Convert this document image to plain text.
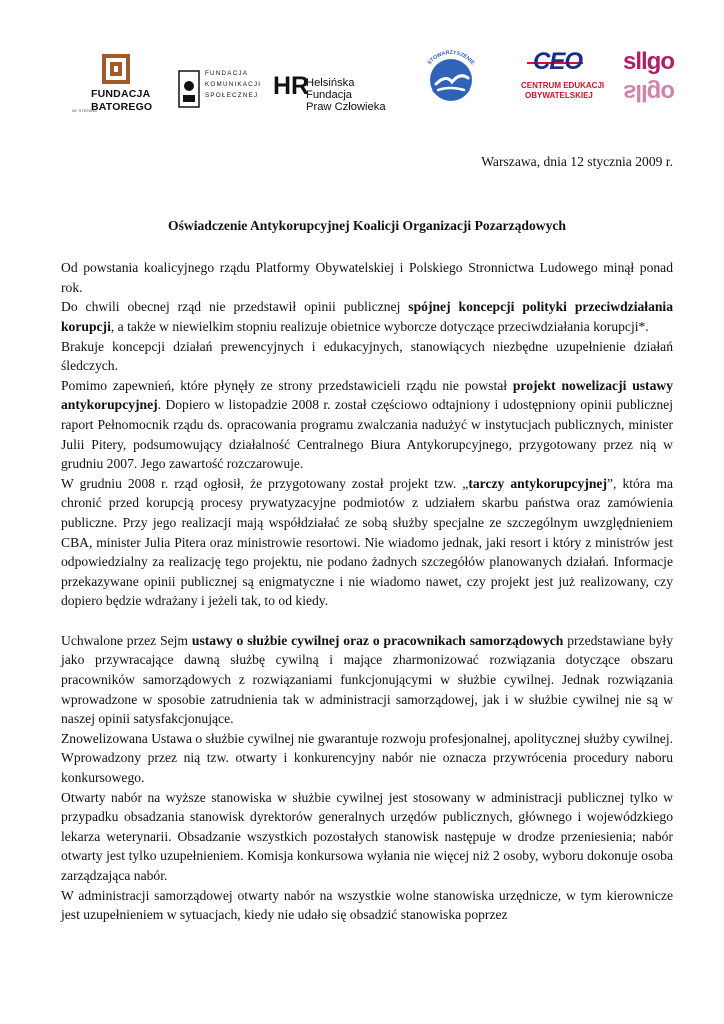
FUNDACJA
IM. STEFANA
BATOREGO
FUNDACJA
KOMUNIKACJI
SPOŁECZNEJ HR
Helsińska Fundacja
Praw Człowieka
STOWARZYSZENIE
SZKOŁA LIDERÓW
CEO
CENTRUM EDUKACJI
OBYWATELSKIEJ
sllgo
sllgo

Warszawa, dnia 12 stycznia 2009 r.

Oświadczenie Antykorupcyjnej Koalicji Organizacji Pozarządowych

Od powstania koalicyjnego rządu Platformy Obywatelskiej i Polskiego Stronnictwa Ludowego minął ponad rok.

Do chwili obecnej rząd nie przedstawił opinii publicznej spójnej koncepcji polityki przeciwdziałania korupcji, a także w niewielkim stopniu realizuje obietnice wyborcze dotyczące przeciwdziałania korupcji*.

Brakuje koncepcji działań prewencyjnych i edukacyjnych, stanowiących niezbędne uzupełnienie działań śledczych.

Pomimo zapewnień, które płynęły ze strony przedstawicieli rządu nie powstał projekt nowelizacji ustawy antykorupcyjnej. Dopiero w listopadzie 2008 r. został częściowo odtajniony i udostępniony opinii publicznej raport Pełnomocnik rządu ds. opracowania programu zwalczania nadużyć w instytucjach publicznych, minister Julii Pitery, podsumowujący działalność Centralnego Biura Antykorupcyjnego, przygotowany przez nią w grudniu 2007. Jego zawartość rozczarowuje.

W grudniu 2008 r. rząd ogłosił, że przygotowany został projekt tzw. „tarczy antykorupcyjnej”, która ma chronić przed korupcją procesy prywatyzacyjne podmiotów z udziałem skarbu państwa oraz zamówienia publiczne. Przy jego realizacji mają współdziałać ze sobą służby specjalne ze szczególnym uwzględnieniem CBA, minister Julia Pitera oraz ministrowie resortowi. Nie wiadomo jednak, jaki resort i który z ministrów jest odpowiedzialny za realizację tego projektu, nie podano żadnych szczegółów planowanych działań. Informacje przekazywane opinii publicznej są enigmatyczne i nie wiadomo nawet, czy projekt jest już realizowany, czy dopiero będzie wdrażany i jeżeli tak, to od kiedy.

Uchwalone przez Sejm ustawy o służbie cywilnej oraz o pracownikach samorządowych przedstawiane były jako przywracające dawną służbę cywilną i mające zharmonizować rozwiązania dotyczące obszaru pracowników samorządowych z rozwiązaniami funkcjonującymi w służbie cywilnej. Jednak rozwiązania wprowadzone w sposobie zatrudnienia tak w administracji samorządowej, jak i w służbie cywilnej nie są w naszej opinii satysfakcjonujące.

Znowelizowana Ustawa o służbie cywilnej nie gwarantuje rozwoju profesjonalnej, apolitycznej służby cywilnej. Wprowadzony przez nią tzw. otwarty i konkurencyjny nabór nie oznacza przywrócenia procedury naboru konkursowego.

Otwarty nabór na wyższe stanowiska w służbie cywilnej jest stosowany w administracji publicznej tylko w przypadku obsadzania stanowisk dyrektorów generalnych urzędów publicznych, głównego i wojewódzkiego lekarza weterynarii. Obsadzanie wszystkich pozostałych stanowisk następuje w drodze przeniesienia; nabór otwarty jest tylko uzupełnieniem. Komisja konkursowa wyłania nie więcej niż 2 osoby, wyboru dokonuje osoba zarządzająca nabór.

W administracji samorządowej otwarty nabór na wszystkie wolne stanowiska urzędnicze, w tym kierownicze jest uzupełnieniem w sytuacjach, kiedy nie udało się obsadzić stanowiska poprzez
